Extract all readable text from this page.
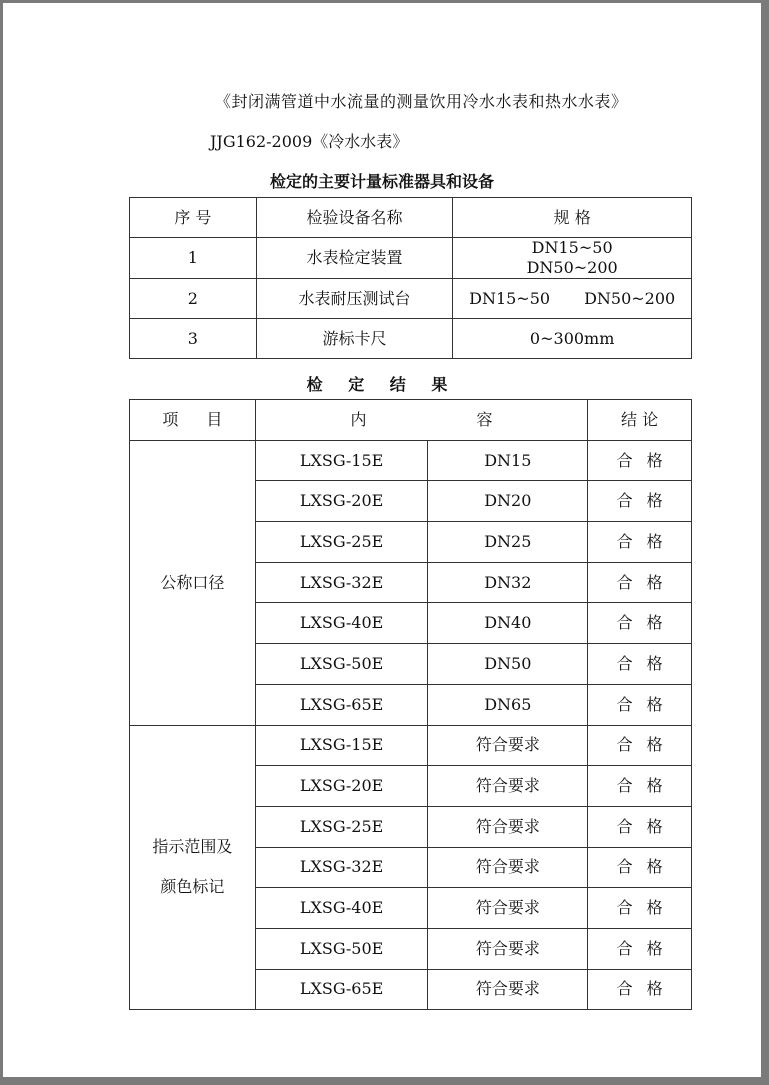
《封闭满管道中水流量的测量饮用冷水水表和热水水表》
JJG162-2009《冷水水表》
检定的主要计量标准器具和设备
序 号	检验设备名称	规 格
1	水表检定装置	DN15~50
DN50~200

2	水表耐压测试台	DN15~50 DN50~200
3	游标卡尺	0~300mm
检 定 结 果
项 目	内 容		结 论
公称口径	LXSG-15E	DN15	合 格
	LXSG-20E	DN20	合 格
	LXSG-25E	DN25	合 格
	LXSG-32E	DN32	合 格
	LXSG-40E	DN40	合 格
	LXSG-50E	DN50	合 格
	LXSG-65E	DN65	合 格

指示范围及
颜色标记	LXSG-15E	符合要求	合 格
	LXSG-20E	符合要求	合 格
	LXSG-25E	符合要求	合 格
	LXSG-32E	符合要求	合 格
	LXSG-40E	符合要求	合 格
	LXSG-50E	符合要求	合 格
	LXSG-65E	符合要求	合 格
